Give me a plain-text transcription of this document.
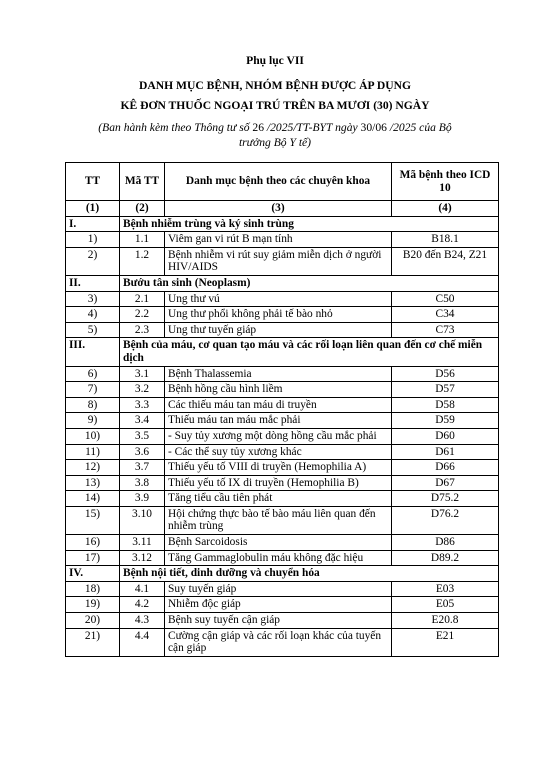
Phụ lục VII
DANH MỤC BỆNH, NHÓM BỆNH ĐƯỢC ÁP DỤNG
KÊ ĐƠN THUỐC NGOẠI TRÚ TRÊN BA MƯƠI (30) NGÀY
(Ban hành kèm theo Thông tư số 26 /2025/TT-BYT ngày 30/06 /2025 của Bộ trưởng Bộ Y tế)
TT	Mã TT	Danh mục bệnh theo các chuyên khoa	Mã bệnh theo ICD 10
(1)	(2)	(3)	(4)
I.	Bệnh nhiễm trùng và ký sinh trùng		
1)	1.1	Viêm gan vi rút B mạn tính	B18.1
2)	1.2	Bệnh nhiễm vi rút suy giảm miễn dịch ở người HIV/AIDS	B20 đến B24, Z21
II.	Bướu tân sinh (Neoplasm)		
3)	2.1	Ung thư vú	C50
4)	2.2	Ung thư phổi không phải tế bào nhỏ	C34
5)	2.3	Ung thư tuyến giáp	C73
III.	Bệnh của máu, cơ quan tạo máu và các rối loạn liên quan đến cơ chế miễn dịch		
6)	3.1	Bệnh Thalassemia	D56
7)	3.2	Bệnh hồng cầu hình liềm	D57
8)	3.3	Các thiếu máu tan máu di truyền	D58
9)	3.4	Thiếu máu tan máu mắc phải	D59
10)	3.5	- Suy tủy xương một dòng hồng cầu mắc phải	D60
11)	3.6	- Các thể suy tủy xương khác	D61
12)	3.7	Thiếu yếu tố VIII di truyền (Hemophilia A)	D66
13)	3.8	Thiếu yếu tố IX di truyền (Hemophilia B)	D67
14)	3.9	Tăng tiểu cầu tiên phát	D75.2
15)	3.10	Hội chứng thực bào tế bào máu liên quan đến nhiễm trùng	D76.2
16)	3.11	Bệnh Sarcoidosis	D86
17)	3.12	Tăng Gammaglobulin máu không đặc hiệu	D89.2
IV.	Bệnh nội tiết, dinh dưỡng và chuyển hóa		
18)	4.1	Suy tuyến giáp	E03
19)	4.2	Nhiễm độc giáp	E05
20)	4.3	Bệnh suy tuyến cận giáp	E20.8
21)	4.4	Cường cận giáp và các rối loạn khác của tuyến cận giáp	E21
